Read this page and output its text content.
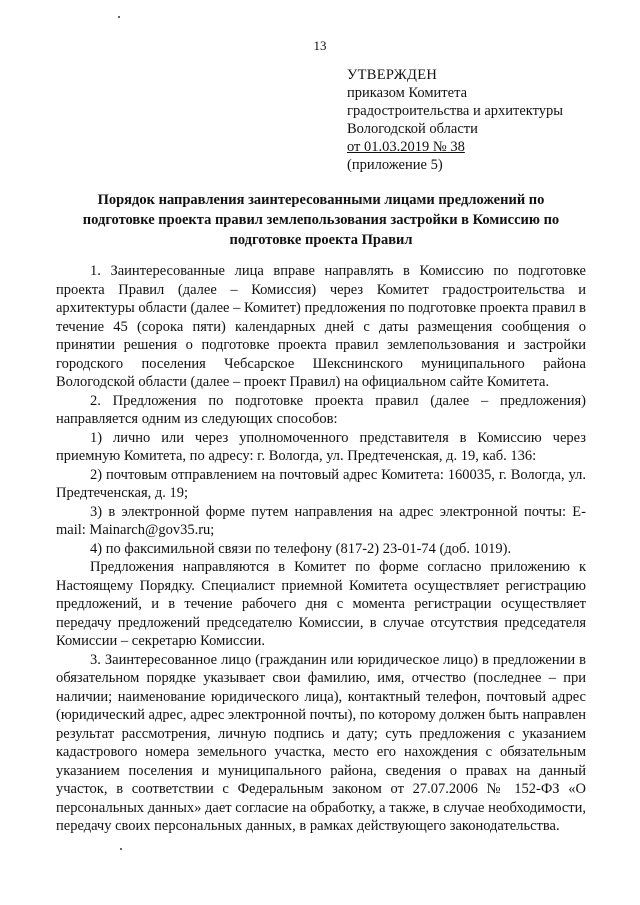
13
УТВЕРЖДЕН
приказом Комитета
градостроительства и архитектуры
Вологодской области
от 01.03.2019 № 38
(приложение 5)
Порядок направления заинтересованными лицами предложений по
подготовке проекта правил землепользования застройки в Комиссию по
подготовке проекта Правил

1. Заинтересованные лица вправе направлять в Комиссию по подготовке проекта Правил (далее – Комиссия) через Комитет градостроительства и архитектуры области (далее – Комитет) предложения по подготовке проекта правил в течение 45 (сорока пяти) календарных дней с даты размещения сообщения о принятии решения о подготовке проекта правил землепользования и застройки городского поселения Чебсарское Шекснинского муниципального района Вологодской области (далее – проект Правил) на официальном сайте Комитета.

2. Предложения по подготовке проекта правил (далее – предложения) направляется одним из следующих способов:

1) лично или через уполномоченного представителя в Комиссию через приемную Комитета, по адресу: г. Вологда, ул. Предтеченская, д. 19, каб. 136:

2) почтовым отправлением на почтовый адрес Комитета: 160035, г. Вологда, ул. Предтеченская, д. 19;

3) в электронной форме путем направления на адрес электронной почты: E-mail: Mainarch@gov35.ru;

4) по факсимильной связи по телефону (817-2) 23-01-74 (доб. 1019).

Предложения направляются в Комитет по форме согласно приложению к Настоящему Порядку. Специалист приемной Комитета осуществляет регистрацию предложений, и в течение рабочего дня с момента регистрации осуществляет передачу предложений председателю Комиссии, в случае отсутствия председателя Комиссии – секретарю Комиссии.

3. Заинтересованное лицо (гражданин или юридическое лицо) в предложении в обязательном порядке указывает свои фамилию, имя, отчество (последнее – при наличии; наименование юридического лица), контактный телефон, почтовый адрес (юридический адрес, адрес электронной почты), по которому должен быть направлен результат рассмотрения, личную подпись и дату; суть предложения с указанием кадастрового номера земельного участка, место его нахождения с обязательным указанием поселения и муниципального района, сведения о правах на данный участок, в соответствии с Федеральным законом от 27.07.2006 № 152-ФЗ «О персональных данных» дает согласие на обработку, а также, в случае необходимости, передачу своих персональных данных, в рамках действующего законодательства.
